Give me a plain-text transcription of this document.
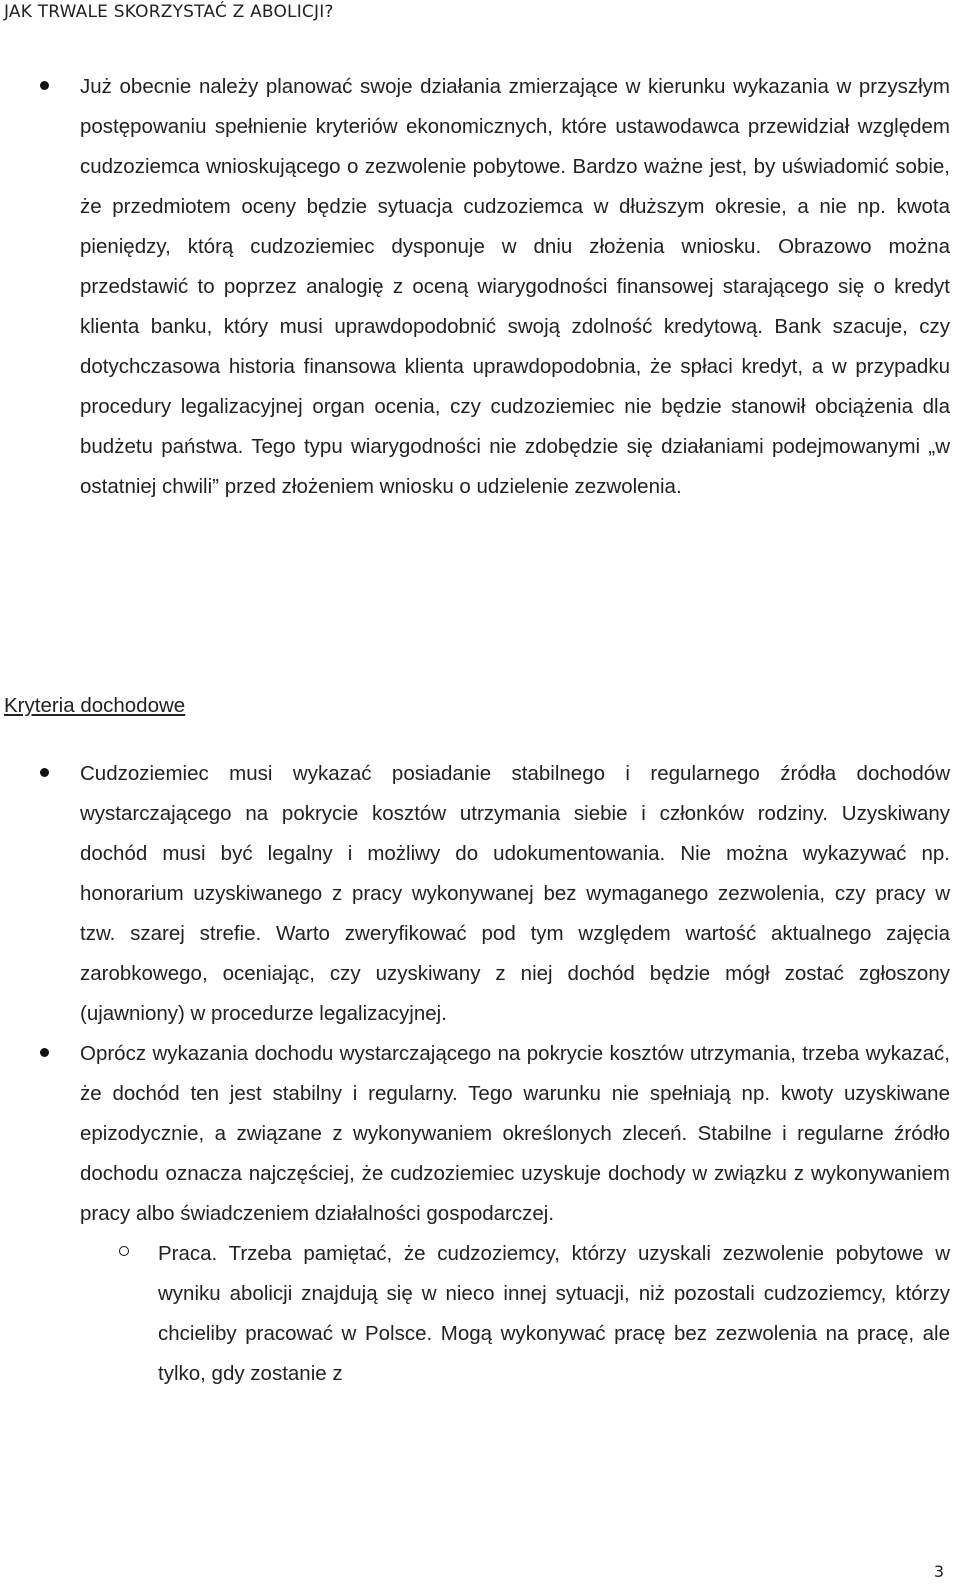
JAK TRWALE SKORZYSTAĆ Z ABOLICJI?

Już obecnie należy planować swoje działania zmierzające w kierunku wykazania w przyszłym postępowaniu spełnienie kryteriów ekonomicznych, które ustawodawca przewidział względem cudzoziemca wnioskującego o zezwolenie pobytowe. Bardzo ważne jest, by uświadomić sobie, że przedmiotem oceny będzie sytuacja cudzoziemca w dłuższym okresie, a nie np. kwota pieniędzy, którą cudzoziemiec dysponuje w dniu złożenia wniosku. Obrazowo można przedstawić to poprzez analogię z oceną wiarygodności finansowej starającego się o kredyt klienta banku, który musi uprawdopodobnić swoją zdolność kredytową. Bank szacuje, czy dotychczasowa historia finansowa klienta uprawdopodobnia, że spłaci kredyt, a w przypadku procedury legalizacyjnej organ ocenia, czy cudzoziemiec nie będzie stanowił obciążenia dla budżetu państwa. Tego typu wiarygodności nie zdobędzie się działaniami podejmowanymi „w ostatniej chwili” przed złożeniem wniosku o udzielenie zezwolenia.

Kryteria dochodowe

Cudzoziemiec musi wykazać posiadanie stabilnego i regularnego źródła dochodów wystarczającego na pokrycie kosztów utrzymania siebie i członków rodziny. Uzyskiwany dochód musi być legalny i możliwy do udokumentowania. Nie można wykazywać np. honorarium uzyskiwanego z pracy wykonywanej bez wymaganego zezwolenia, czy pracy w tzw. szarej strefie. Warto zweryfikować pod tym względem wartość aktualnego zajęcia zarobkowego, oceniając, czy uzyskiwany z niej dochód będzie mógł zostać zgłoszony (ujawniony) w procedurze legalizacyjnej.

Oprócz wykazania dochodu wystarczającego na pokrycie kosztów utrzymania, trzeba wykazać, że dochód ten jest stabilny i regularny. Tego warunku nie spełniają np. kwoty uzyskiwane epizodycznie, a związane z wykonywaniem określonych zleceń. Stabilne i regularne źródło dochodu oznacza najczęściej, że cudzoziemiec uzyskuje dochody w związku z wykonywaniem pracy albo świadczeniem działalności gospodarczej.

Praca. Trzeba pamiętać, że cudzoziemcy, którzy uzyskali zezwolenie pobytowe w wyniku abolicji znajdują się w nieco innej sytuacji, niż pozostali cudzoziemcy, którzy chcieliby pracować w Polsce. Mogą wykonywać pracę bez zezwolenia na pracę, ale tylko, gdy zostanie z

3
